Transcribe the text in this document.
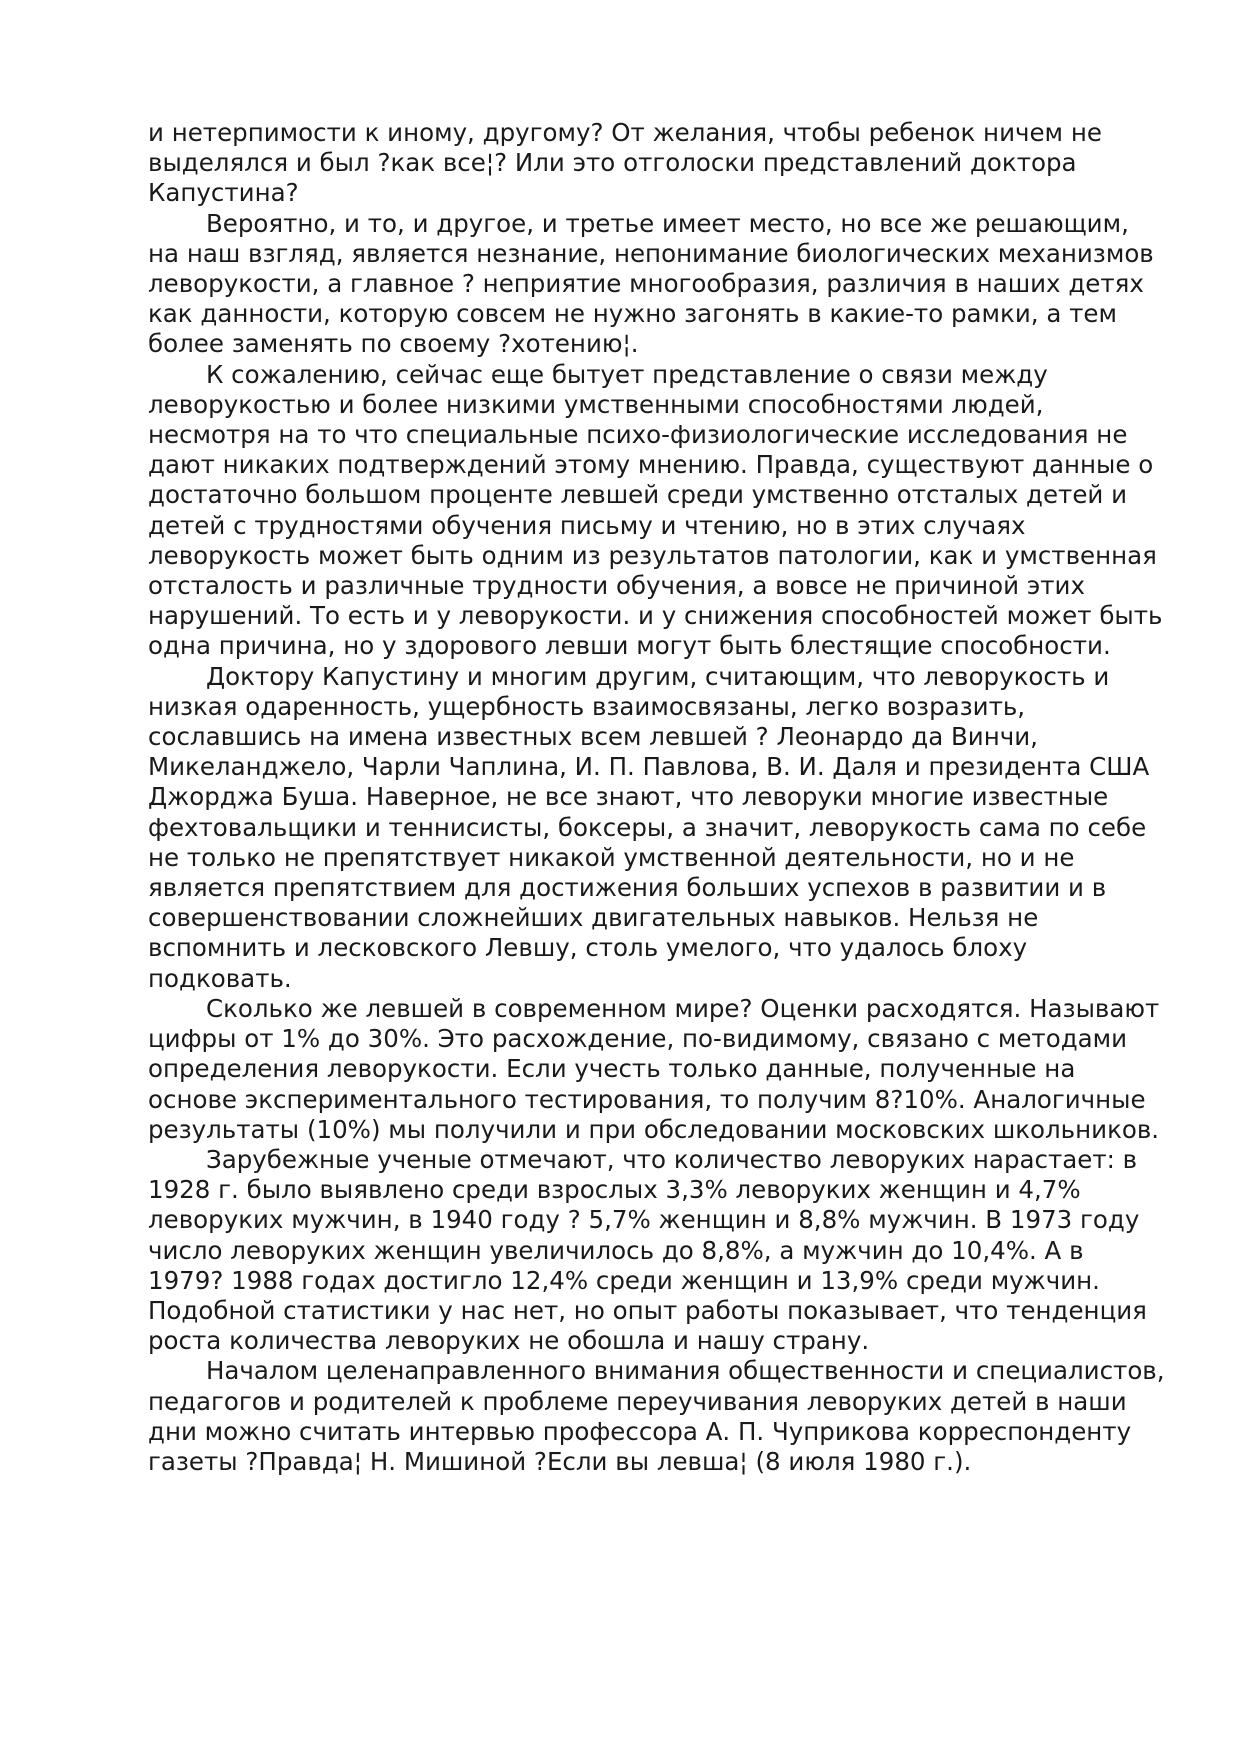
и нетерпимости к иному, другому? От желания, чтобы ребенок ничем не выделялся и был ?как все¦? Или это отголоски представлений доктора Капустина?

Вероятно, и то, и другое, и третье имеет место, но все же решающим, на наш взгляд, является незнание, непонимание биологических механизмов леворукости, а главное ? неприятие многообразия, различия в наших детях как данности, которую совсем не нужно загонять в какие-то рамки, а тем более заменять по своему ?хотению¦.

К сожалению, сейчас еще бытует представление о связи между леворукостью и более низкими умственными способностями людей, несмотря на то что специальные психо-физиологические исследования не дают никаких подтверждений этому мнению. Правда, существуют данные о достаточно большом проценте левшей среди умственно отсталых детей и детей с трудностями обучения письму и чтению, но в этих случаях леворукость может быть одним из результатов патологии, как и умственная отсталость и различные трудности обучения, а вовсе не причиной этих нарушений. То есть и у леворукости. и у снижения способностей может быть одна причина, но у здорового левши могут быть блестящие способности.

Доктору Капустину и многим другим, считающим, что леворукость и низкая одаренность, ущербность взаимосвязаны, легко возразить, сославшись на имена известных всем левшей ? Леонардо да Винчи, Микеланджело, Чарли Чаплина, И. П. Павлова, В. И. Даля и президента США Джорджа Буша. Наверное, не все знают, что леворуки многие известные фехтовальщики и теннисисты, боксеры, а значит, леворукость сама по себе не только не препятствует никакой умственной деятельности, но и не является препятствием для достижения больших успехов в развитии и в совершенствовании сложнейших двигательных навыков. Нельзя не вспомнить и лесковского Левшу, столь умелого, что удалось блоху подковать.

Сколько же левшей в современном мире? Оценки расходятся. Называют цифры от 1% до 30%. Это расхождение, по-видимому, связано с методами определения леворукости. Если учесть только данные, полученные на основе экспериментального тестирования, то получим 8?10%. Аналогичные результаты (10%) мы получили и при обследовании московских школьников.

Зарубежные ученые отмечают, что количество леворуких нарастает: в 1928 г. было выявлено среди взрослых 3,3% леворуких женщин и 4,7% леворуких мужчин, в 1940 году ? 5,7% женщин и 8,8% мужчин. В 1973 году число леворуких женщин увеличилось до 8,8%, а мужчин до 10,4%. А в 1979? 1988 годах достигло 12,4% среди женщин и 13,9% среди мужчин. Подобной статистики у нас нет, но опыт работы показывает, что тенденция роста количества леворуких не обошла и нашу страну.

Началом целенаправленного внимания общественности и специалистов, педагогов и родителей к проблеме переучивания леворуких детей в наши дни можно считать интервью профессора А. П. Чуприкова корреспонденту газеты ?Правда¦ Н. Мишиной ?Если вы левша¦ (8 июля 1980 г.).
